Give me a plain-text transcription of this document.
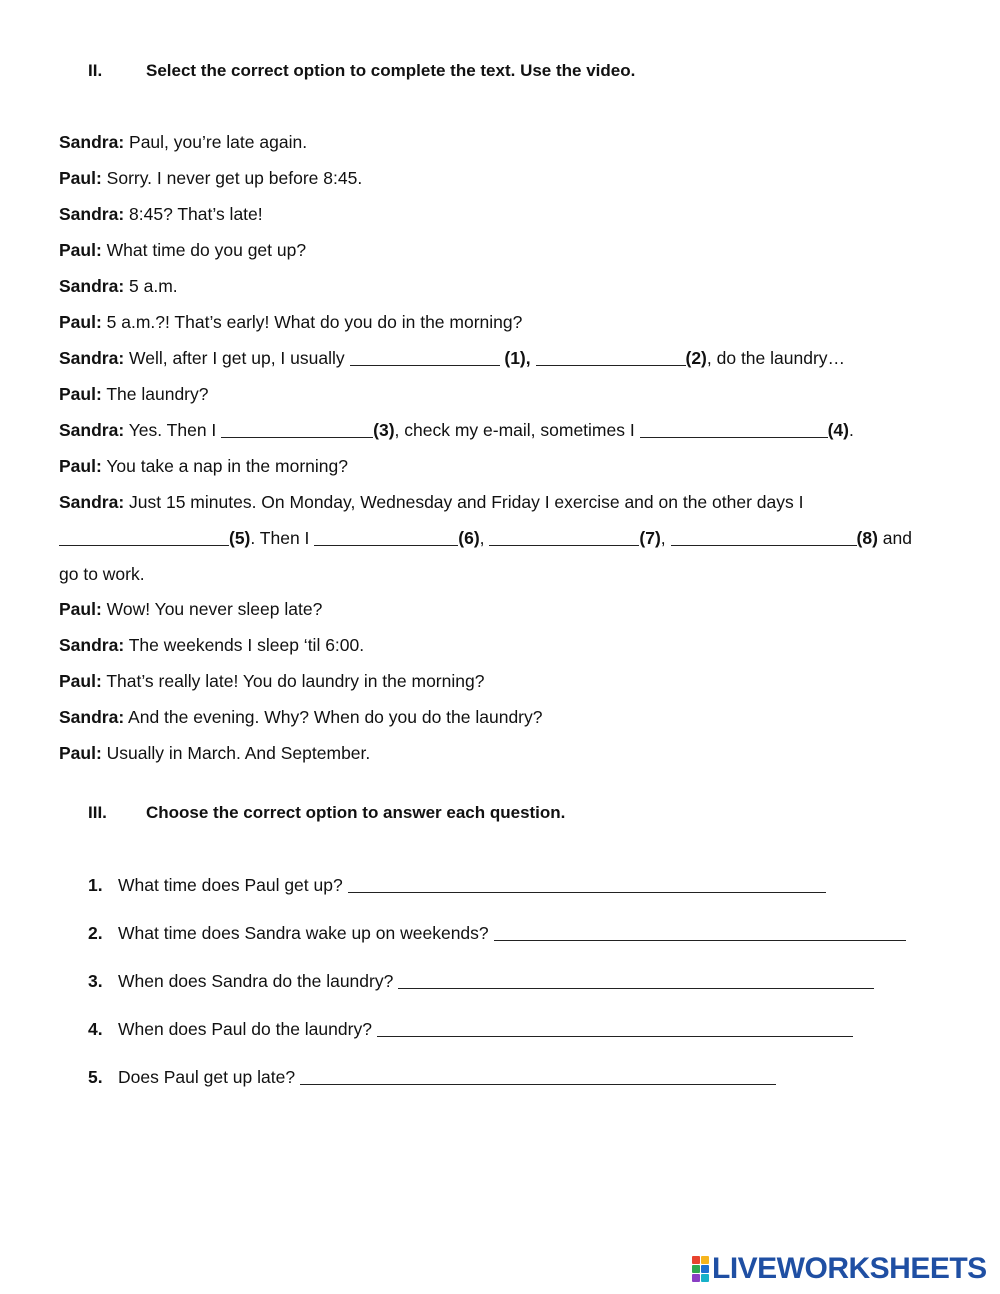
II.	Select the correct option to complete the text. Use the video.
Sandra: Paul, you’re late again.
Paul: Sorry. I never get up before 8:45.
Sandra: 8:45? That’s late!
Paul: What time do you get up?
Sandra: 5 a.m.
Paul: 5 a.m.?! That’s early! What do you do in the morning?
Sandra: Well, after I get up, I usually	(1),	(2), do the laundry…
Paul: The laundry?
Sandra: Yes. Then I	(3), check my e-mail, sometimes I	(4).
Paul: You take a nap in the morning?
Sandra: Just 15 minutes. On Monday, Wednesday and Friday I exercise and on the other days I
(5). Then I	(6),	(7),	(8) and
go to work.
Paul: Wow! You never sleep late?
Sandra: The weekends I sleep ‘til 6:00.
Paul: That’s really late! You do laundry in the morning?
Sandra: And the evening. Why? When do you do the laundry?
Paul: Usually in March. And September.
III. Choose the correct option to answer each question.
1. What time does Paul get up?
2. What time does Sandra wake up on weekends?
3. When does Sandra do the laundry?
4. When does Paul do the laundry?
5. Does Paul get up late?
LIVEWORKSHEETS
